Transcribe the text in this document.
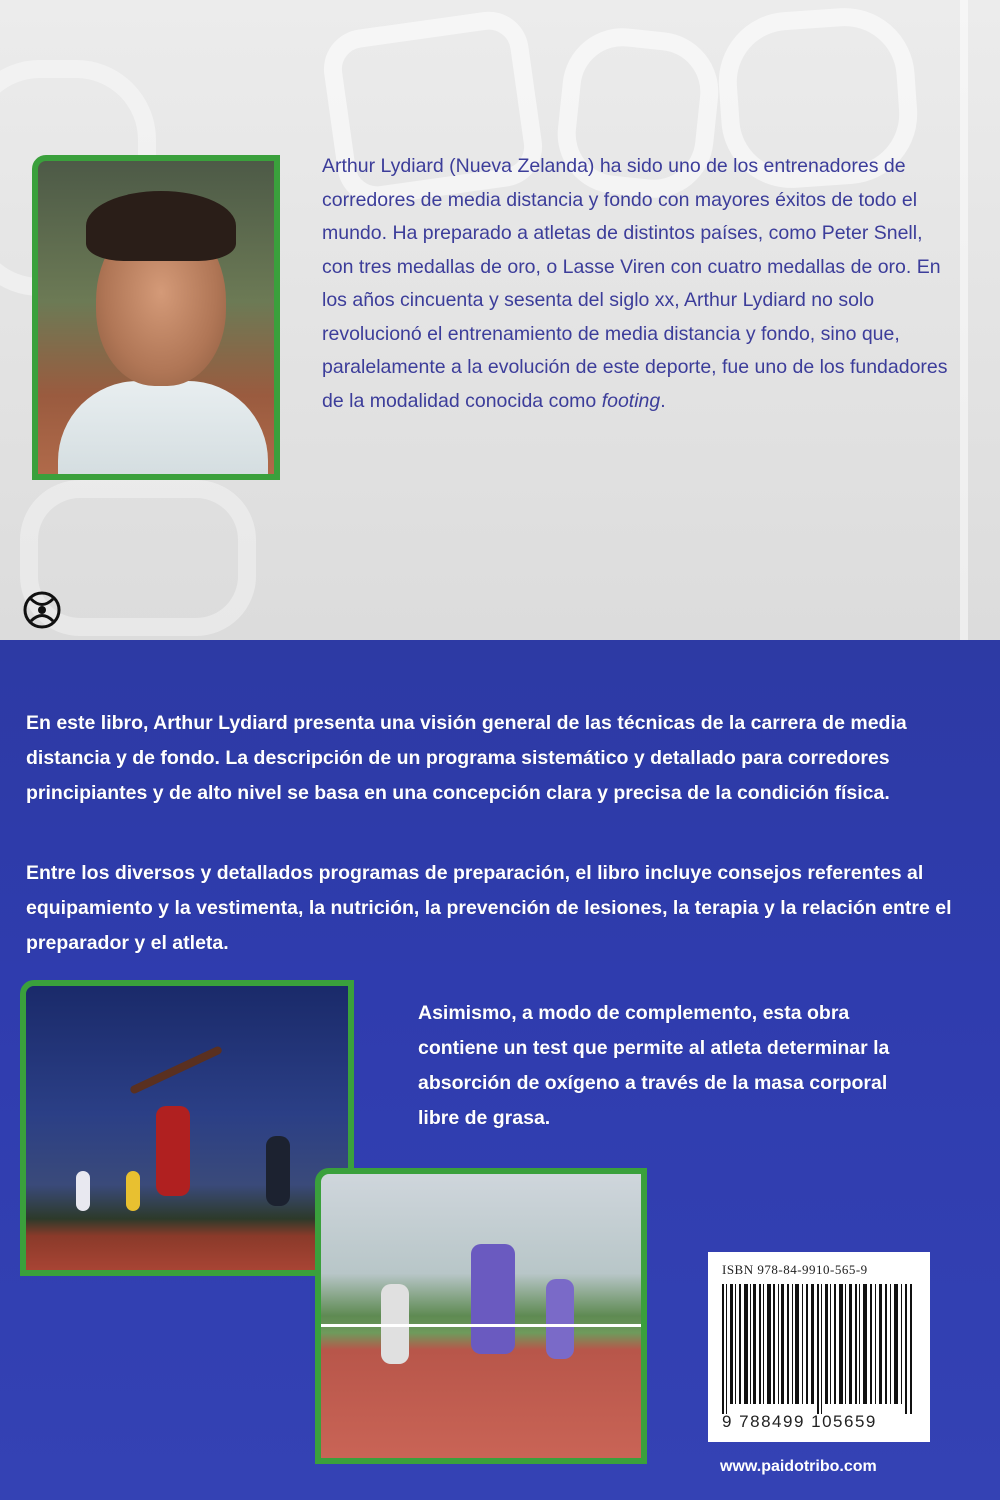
Arthur Lydiard (Nueva Zelanda) ha sido uno de los entrenadores de corredores de media distancia y fondo con mayores éxitos de todo el mundo. Ha preparado a atletas de distintos países, como Peter Snell, con tres medallas de oro, o Lasse Viren con cuatro medallas de oro. En los años cincuenta y sesenta del siglo xx, Arthur Lydiard no solo revolucionó el entrenamiento de media distancia y fondo, sino que, paralelamente a la evolución de este deporte, fue uno de los fundadores de la modalidad conocida como footing.

En este libro, Arthur Lydiard presenta una visión general de las técnicas de la carrera de media distancia y de fondo. La descripción de un programa sistemático y detallado para corredores principiantes y de alto nivel se basa en una concepción clara y precisa de la condición física.

Entre los diversos y detallados programas de preparación, el libro incluye consejos referentes al equipamiento y la vestimenta, la nutrición, la prevención de lesiones, la terapia y la relación entre el preparador y el atleta.

Asimismo, a modo de complemento, esta obra contiene un test que permite al atleta determinar la absorción de oxígeno a través de la masa corporal libre de grasa.

ISBN 978-84-9910-565-9

9 788499 105659

www.paidotribo.com
